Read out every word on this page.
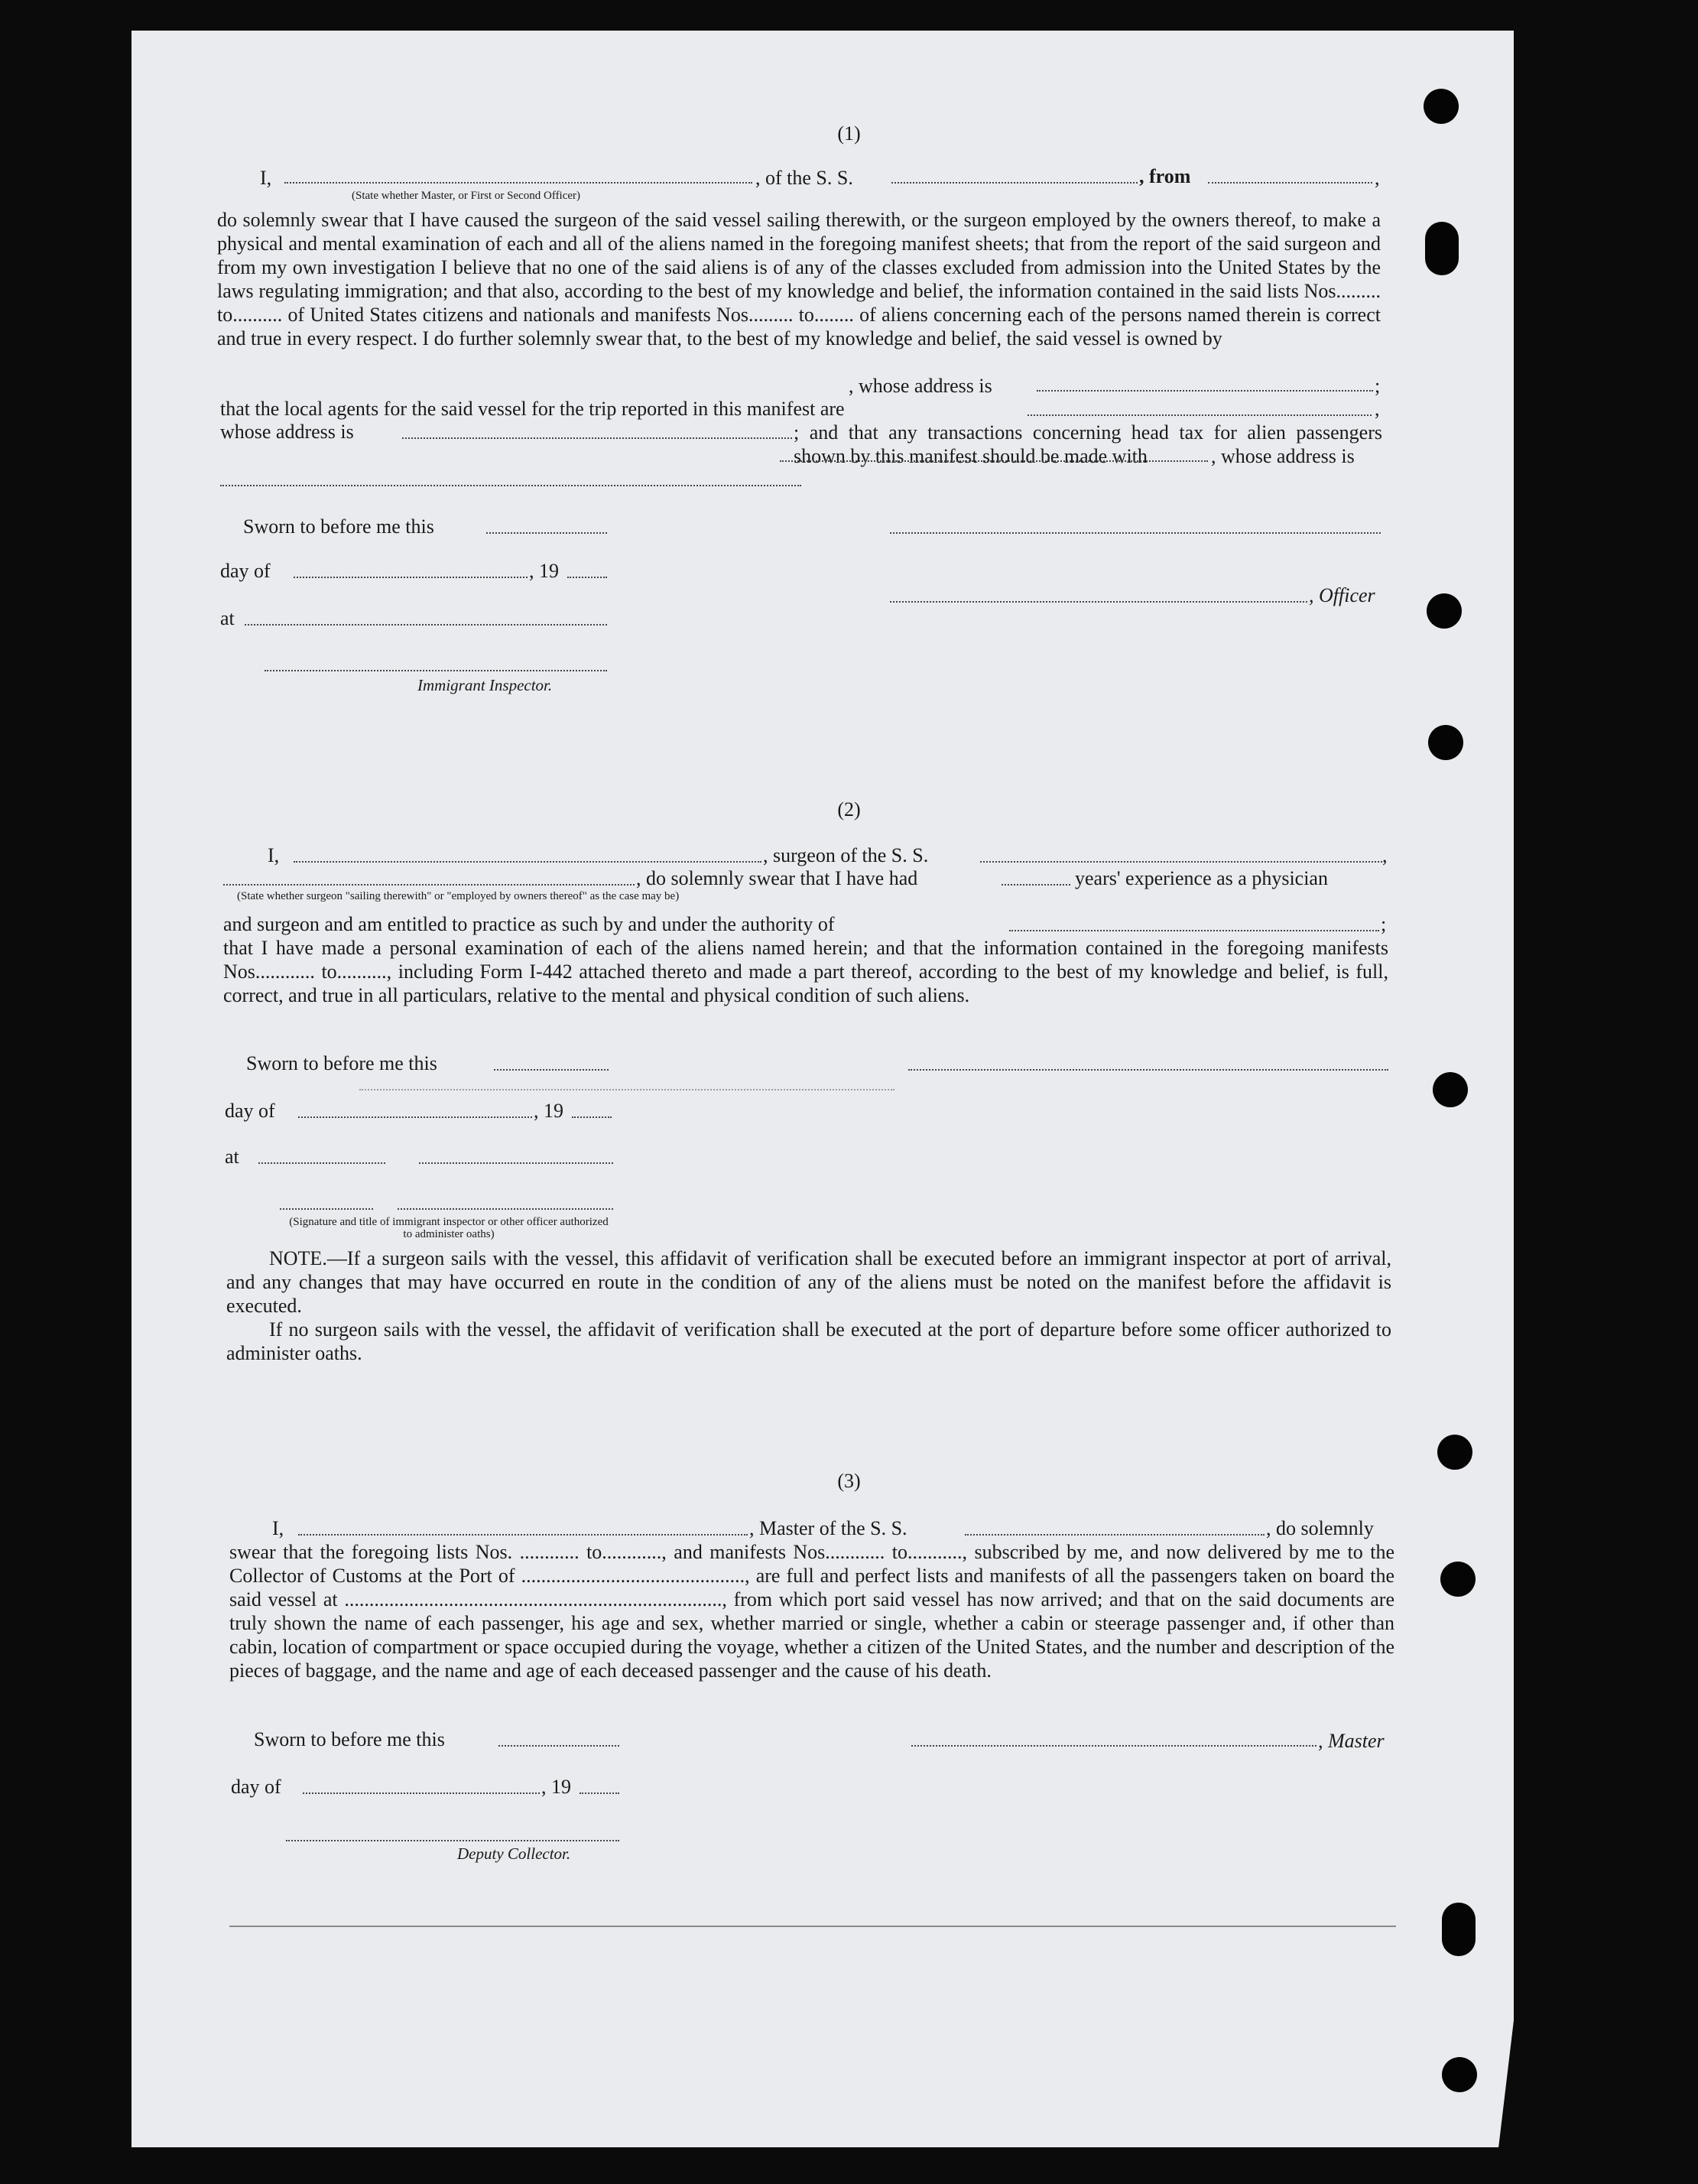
(1)
I,	, of the S. S.	, from	,
(State whether Master, or First or Second Officer)

do solemnly swear that I have caused the surgeon of the said vessel sailing therewith, or the surgeon employed by the owners thereof, to make a physical and mental examination of each and all of the aliens named in the foregoing manifest sheets; that from the report of the said surgeon and from my own investigation I believe that no one of the said aliens is of any of the classes excluded from admission into the United States by the laws regulating immigration; and that also, according to the best of my knowledge and belief, the information contained in the said lists Nos......... to.......... of United States citizens and nationals and manifests Nos......... to........ of aliens concerning each of the persons named therein is correct and true in every respect. I do further solemnly swear that, to the best of my knowledge and belief, the said vessel is owned by

, whose address is	;
that the local agents for the said vessel for the trip reported in this manifest are	,
whose address is	; and that any transactions concerning head tax for alien passengers shown by this manifest should be made with	, whose address is
Sworn to before me this
day of	, 19
, Officer
at
Immigrant Inspector.
(2)
I,	, surgeon of the S. S.	,
, do solemnly swear that I have had	years' experience as a physician
(State whether surgeon "sailing therewith" or "employed by owners thereof" as the case may be)
and surgeon and am entitled to practice as such by and under the authority of	;

that I have made a personal examination of each of the aliens named herein; and that the information contained in the foregoing manifests Nos............ to.........., including Form I-442 attached thereto and made a part thereof, according to the best of my knowledge and belief, is full, correct, and true in all particulars, relative to the mental and physical condition of such aliens.

Sworn to before me this
day of	, 19
at
(Signature and title of immigrant inspector or other officer authorized to administer oaths)

NOTE.—If a surgeon sails with the vessel, this affidavit of verification shall be executed before an immigrant inspector at port of arrival, and any changes that may have occurred en route in the condition of any of the aliens must be noted on the manifest before the affidavit is executed.

If no surgeon sails with the vessel, the affidavit of verification shall be executed at the port of departure before some officer authorized to administer oaths.

(3)
I,	, Master of the S. S.	, do solemnly

swear that the foregoing lists Nos. ............ to............, and manifests Nos............ to..........., subscribed by me, and now delivered by me to the Collector of Customs at the Port of ............................................., are full and perfect lists and manifests of all the passengers taken on board the said vessel at ............................................................................, from which port said vessel has now arrived; and that on the said documents are truly shown the name of each passenger, his age and sex, whether married or single, whether a cabin or steerage passenger and, if other than cabin, location of compartment or space occupied during the voyage, whether a citizen of the United States, and the number and description of the pieces of baggage, and the name and age of each deceased passenger and the cause of his death.

Sworn to before me this	, Master
day of	, 19
Deputy Collector.
